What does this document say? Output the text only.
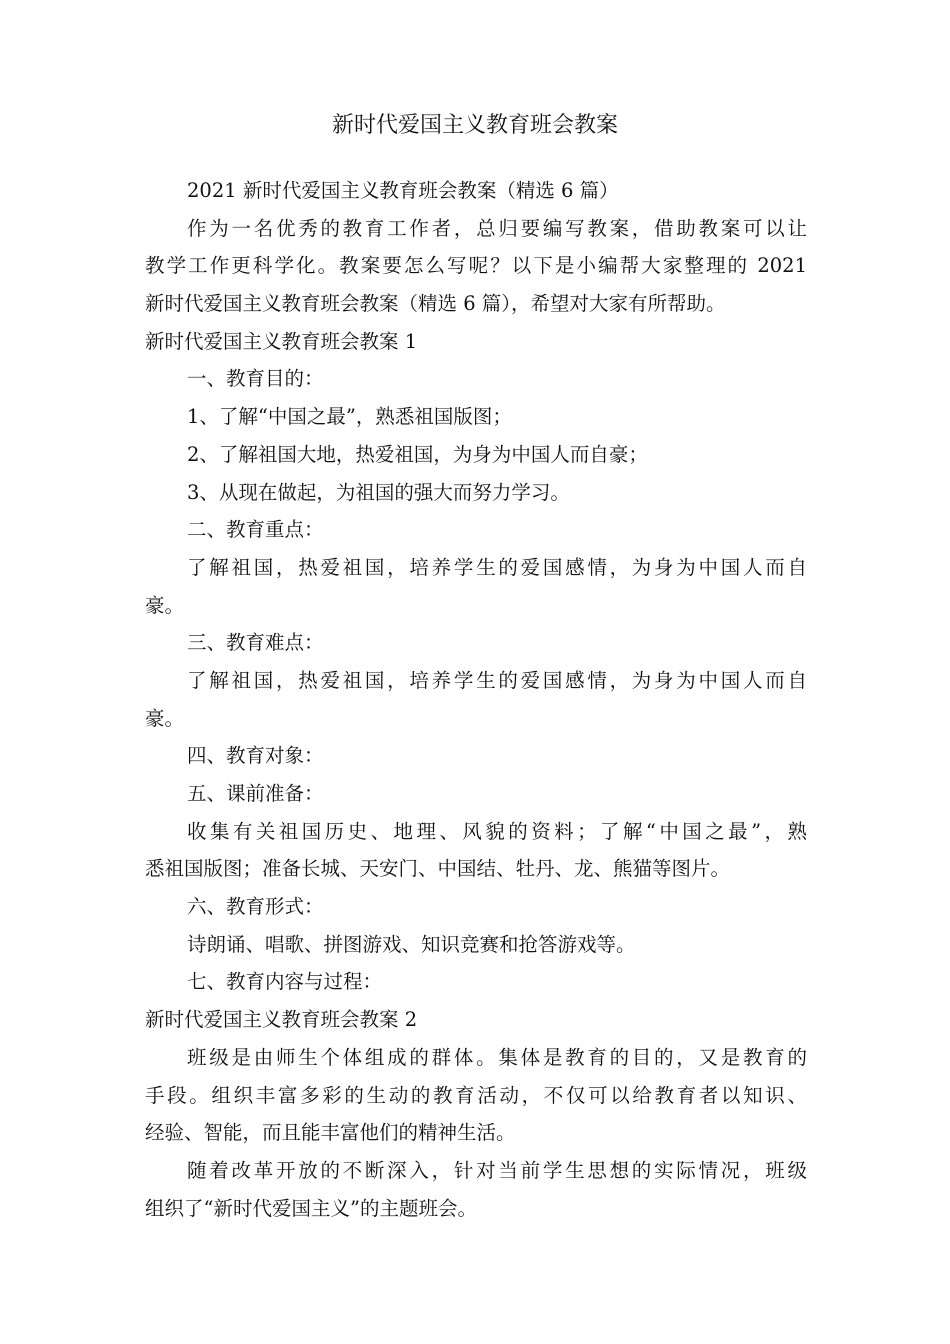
新时代爱国主义教育班会教案
2021 新时代爱国主义教育班会教案（精选 6 篇）
作为一名优秀的教育工作者，总归要编写教案，借助教案可以让
教学工作更科学化。教案要怎么写呢？以下是小编帮大家整理的 2021
新时代爱国主义教育班会教案（精选 6 篇），希望对大家有所帮助。
新时代爱国主义教育班会教案 1
一、教育目的：
1、了解“中国之最”，熟悉祖国版图；
2、了解祖国大地，热爱祖国，为身为中国人而自豪；
3、从现在做起，为祖国的强大而努力学习。
二、教育重点：
了解祖国，热爱祖国，培养学生的爱国感情，为身为中国人而自
豪。
三、教育难点：
了解祖国，热爱祖国，培养学生的爱国感情，为身为中国人而自
豪。
四、教育对象：
五、课前准备：
收集有关祖国历史、地理、风貌的资料；了解“中国之最”，熟
悉祖国版图；准备长城、天安门、中国结、牡丹、龙、熊猫等图片。
六、教育形式：
诗朗诵、唱歌、拼图游戏、知识竞赛和抢答游戏等。
七、教育内容与过程：
新时代爱国主义教育班会教案 2
班级是由师生个体组成的群体。集体是教育的目的，又是教育的
手段。组织丰富多彩的生动的教育活动，不仅可以给教育者以知识、
经验、智能，而且能丰富他们的精神生活。
随着改革开放的不断深入，针对当前学生思想的实际情况，班级
组织了“新时代爱国主义”的主题班会。
